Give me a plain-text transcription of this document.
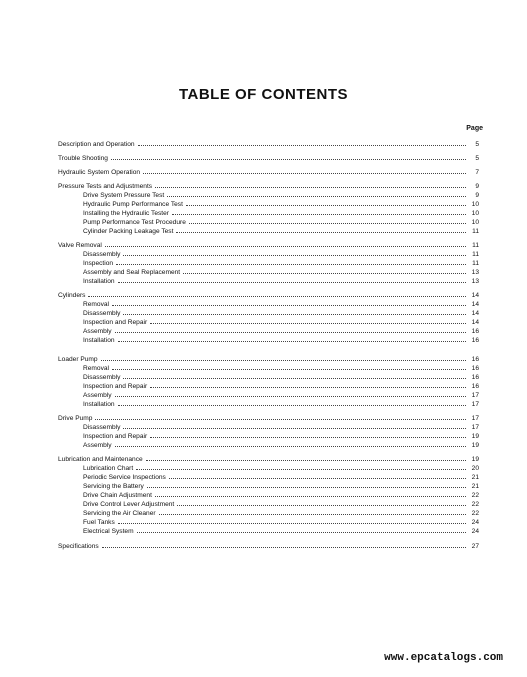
TABLE OF CONTENTS
Page
Description and Operation	5
Trouble Shooting	5
Hydraulic System Operation	7
Pressure Tests and Adjustments	9
Drive System Pressure Test	9
Hydraulic Pump Performance Test	10
Installing the Hydraulic Tester	10
Pump Performance Test Procedure	10
Cylinder Packing Leakage Test	11
Valve Removal	11
Disassembly	11
Inspection	11
Assembly and Seal Replacement	13
Installation	13
Cylinders	14
Removal	14
Disassembly	14
Inspection and Repair	14
Assembly	16
Installation	16
Loader Pump	16
Removal	16
Disassembly	16
Inspection and Repair	16
Assembly	17
Installation	17
Drive Pump	17
Disassembly	17
Inspection and Repair	19
Assembly	19
Lubrication and Maintenance	19
Lubrication Chart	20
Periodic Service Inspections	21
Servicing the Battery	21
Drive Chain Adjustment	22
Drive Control Lever Adjustment	22
Servicing the Air Cleaner	22
Fuel Tanks	24
Electrical System	24
Specifications	27
www.epcatalogs.com
